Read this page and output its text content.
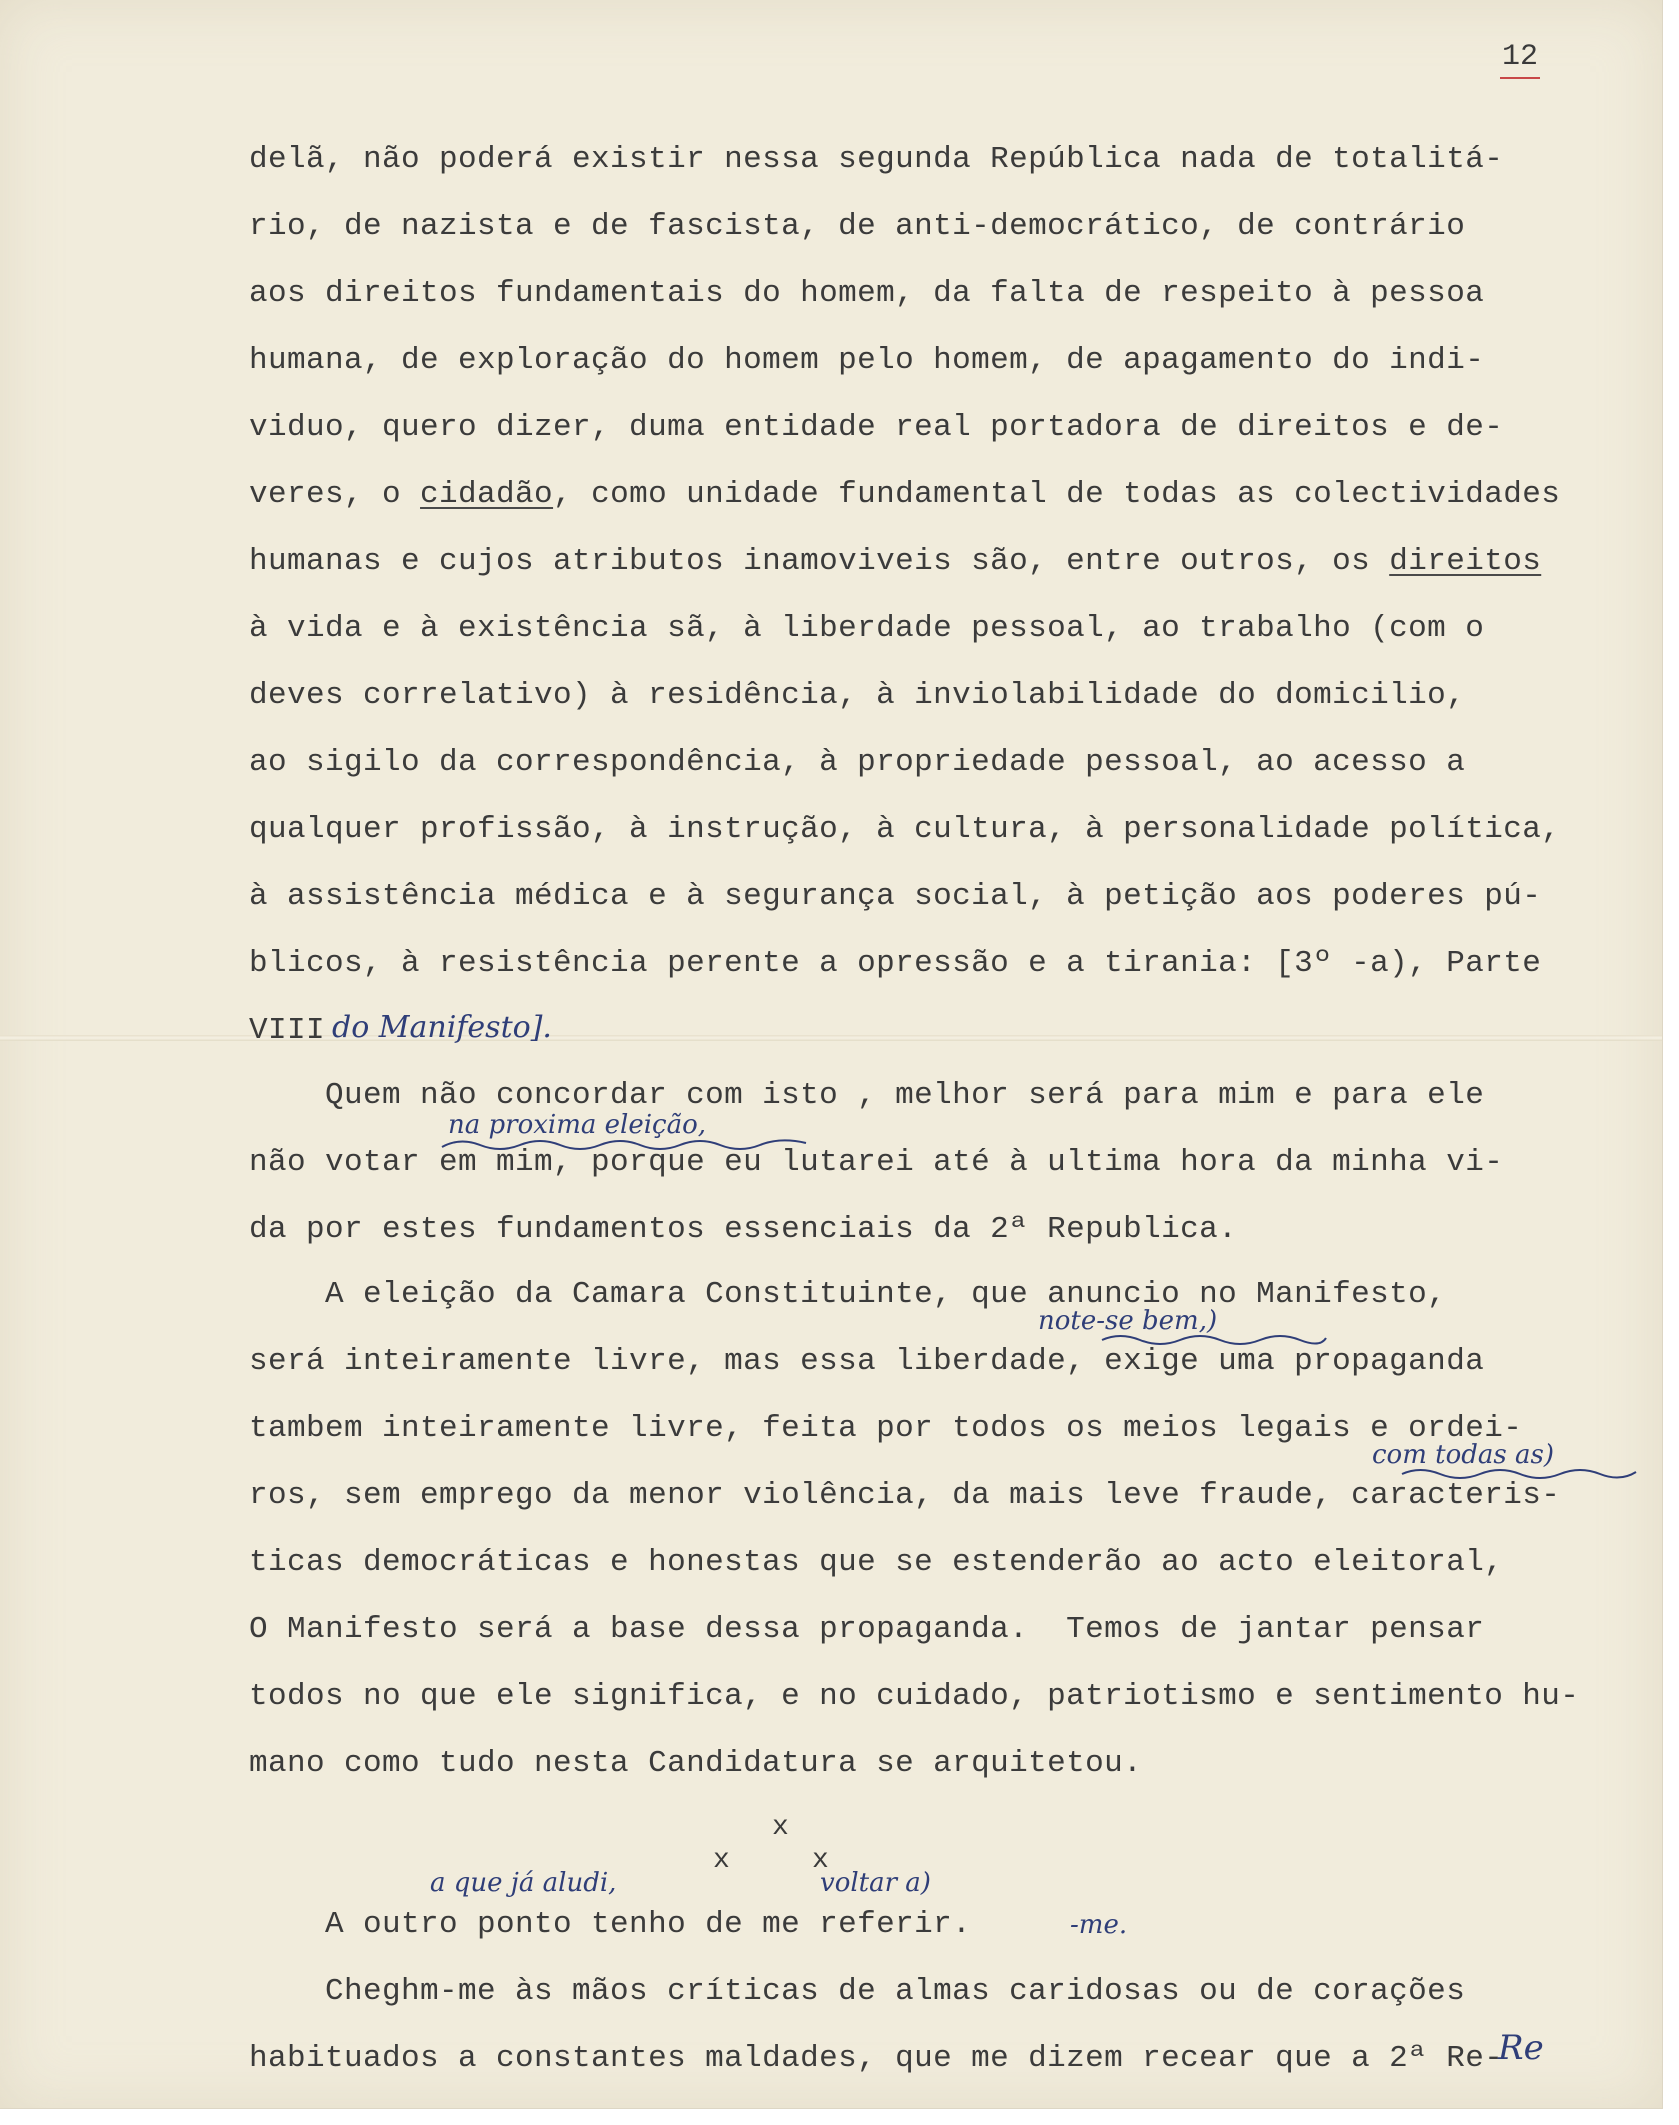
12
delã, não poderá existir nessa segunda República nada de totalitá-
rio, de nazista e de fascista, de anti-democrático, de contrário
aos direitos fundamentais do homem, da falta de respeito à pessoa
humana, de exploração do homem pelo homem, de apagamento do indi-
viduo, quero dizer, duma entidade real portadora de direitos e de-
veres, o cidadão, como unidade fundamental de todas as colectividades
humanas e cujos atributos inamoviveis são, entre outros, os direitos
à vida e à existência sã, à liberdade pessoal, ao trabalho (com o
deves correlativo) à residência, à inviolabilidade do domicilio,
ao sigilo da correspondência, à propriedade pessoal, ao acesso a
qualquer profissão, à instrução, à cultura, à personalidade política,
à assistência médica e à segurança social, à petição aos poderes pú-
blicos, à resistência perente a opressão e a tirania: [3º -a), Parte
VIII do Manifesto].
Quem não concordar com isto , melhor será para mim e para ele
na proxima eleição,
não votar em mim, porque eu lutarei até à ultima hora da minha vi-
da por estes fundamentos essenciais da 2ª Republica.
A eleição da Camara Constituinte, que anuncio no Manifesto,
note-se bem,)
será inteiramente livre, mas essa liberdade, exige uma propaganda
tambem inteiramente livre, feita por todos os meios legais e ordei-
com todas as)
ros, sem emprego da menor violência, da mais leve fraude, caracteris-
ticas democráticas e honestas que se estenderão ao acto eleitoral,
O Manifesto será a base dessa propaganda.  Temos de jantar pensar
todos no que ele significa, e no cuidado, patriotismo e sentimento hu-
mano como tudo nesta Candidatura se arquitetou.
x
x	x
a que já aludi,	voltar a)
A outro ponto tenho de me referir.	-me.
Cheghm-me às mãos críticas de almas caridosas ou de corações
habituados a constantes maldades, que me dizem recear que a 2ª Re-
Re
